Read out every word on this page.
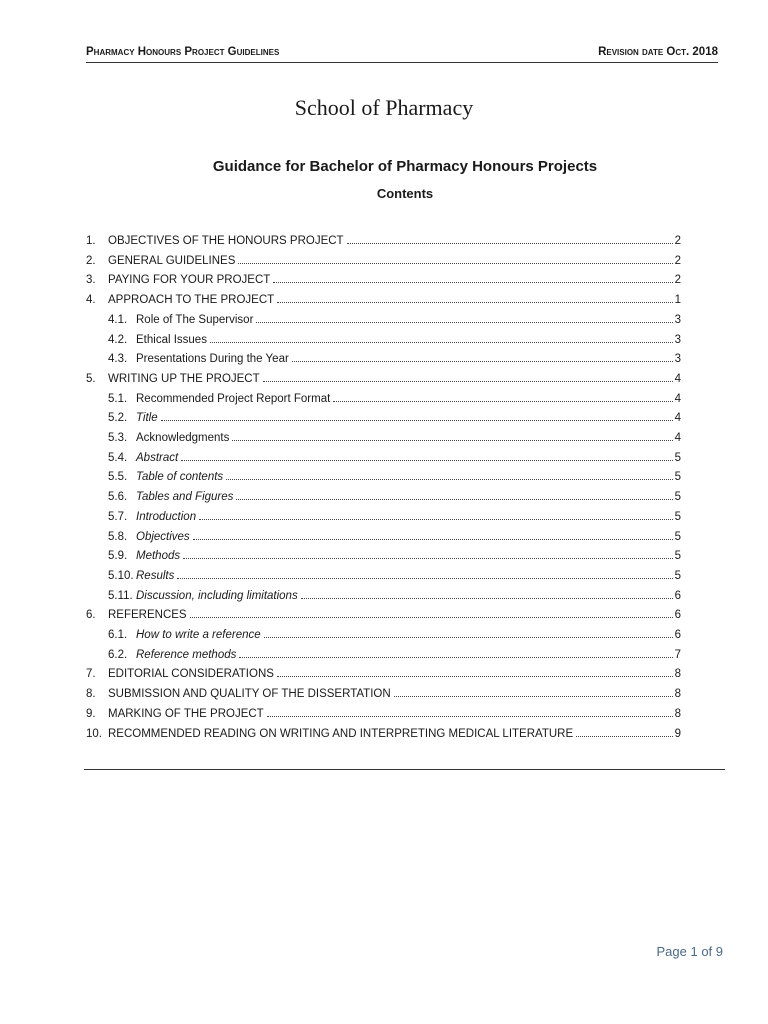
Pharmacy Honours Project Guidelines	Revision date Oct. 2018
School of Pharmacy
Guidance for Bachelor of Pharmacy Honours Projects
Contents
1.	OBJECTIVES OF THE HONOURS PROJECT	2
2.	GENERAL GUIDELINES	2
3.	PAYING FOR YOUR PROJECT	2
4.	APPROACH TO THE PROJECT	1
4.1. Role of The Supervisor	3
4.2. Ethical Issues	3
4.3. Presentations During the Year	3
5.	WRITING UP THE PROJECT	4
5.1. Recommended Project Report Format	4
5.2. Title	4
5.3. Acknowledgments	4
5.4. Abstract	5
5.5. Table of contents	5
5.6. Tables and Figures	5
5.7. Introduction	5
5.8. Objectives	5
5.9. Methods	5
5.10. Results	5
5.11. Discussion, including limitations	6
6.	REFERENCES	6
6.1. How to write a reference	6
6.2. Reference methods	7
7.	EDITORIAL CONSIDERATIONS	8
8.	SUBMISSION AND QUALITY OF THE DISSERTATION	8
9.	MARKING OF THE PROJECT	8
10. RECOMMENDED READING ON WRITING AND INTERPRETING MEDICAL LITERATURE	9
Page 1 of 9
